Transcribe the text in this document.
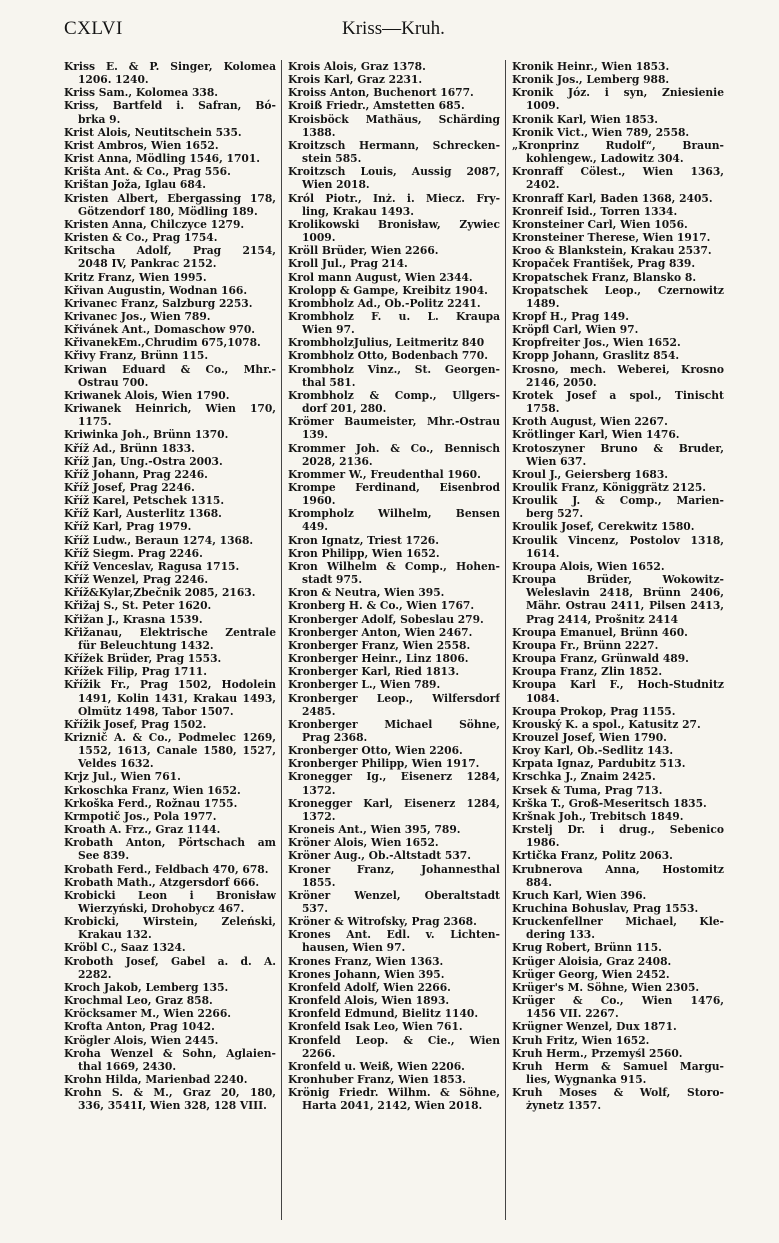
CXLVI	Kriss—Kruh.
Kriss E. & P. Singer, Kolomea
1206. 1240.
Kriss Sam., Kolomea 338.
Kriss, Bartfeld i. Safran, Bó-
brka 9.
Krist Alois, Neutitschein 535.
Krist Ambros, Wien 1652.
Krist Anna, Mödling 1546, 1701.
Krišta Ant. & Co., Prag 556.
Krištan Joža, Iglau 684.
Kristen Albert, Ebergassing 178,
Götzendorf 180, Mödling 189.
Kristen Anna, Chilczyce 1279.
Kristen & Co., Prag 1754.
Kritscha Adolf, Prag 2154,
2048 IV, Pankrac 2152.
Kritz Franz, Wien 1995.
Křivan Augustin, Wodnan 166.
Krivanec Franz, Salzburg 2253.
Krivanec Jos., Wien 789.
Křivánek Ant., Domaschow 970.
KřivanekEm.,Chrudim 675,1078.
Křivy Franz, Brünn 115.
Kriwan Eduard & Co., Mhr.-
Ostrau 700.
Kriwanek Alois, Wien 1790.
Kriwanek Heinrich, Wien 170,
1175.
Kriwinka Joh., Brünn 1370.
Kříž Ad., Brünn 1833.
Kříž Jan, Ung.-Ostra 2003.
Kříž Johann, Prag 2246.
Kříž Josef, Prag 2246.
Kříž Karel, Petschek 1315.
Kříž Karl, Austerlitz 1368.
Kříž Karl, Prag 1979.
Kříž Ludw., Beraun 1274, 1368.
Kříž Siegm. Prag 2246.
Kříž Venceslav, Ragusa 1715.
Kříž Wenzel, Prag 2246.
Kříž&Kylar,Zbečnik 2085, 2163.
Křižaj S., St. Peter 1620.
Křižan J., Krasna 1539.
Křižanau, Elektrische Zentrale
für Beleuchtung 1432.
Křížek Brüder, Prag 1553.
Křížek Filip, Prag 1711.
Křížik Fr., Prag 1502, Hodolein
1491, Kolin 1431, Krakau 1493,
Olmütz 1498, Tabor 1507.
Křížik Josef, Prag 1502.
Kriznič A. & Co., Podmelec 1269,
1552, 1613, Canale 1580, 1527,
Veldes 1632.
Krjz Jul., Wien 761.
Krkoschka Franz, Wien 1652.
Krkoška Ferd., Rožnau 1755.
Krmpotič Jos., Pola 1977.
Kroath A. Frz., Graz 1144.
Krobath Anton, Pörtschach am
See 839.
Krobath Ferd., Feldbach 470, 678.
Krobath Math., Atzgersdorf 666.
Krobicki Leon i Bronisław
Wierzyński, Drohobycz 467.
Krobicki, Wirstein, Zeleński,
Krakau 132.
Kröbl C., Saaz 1324.
Kroboth Josef, Gabel a. d. A.
2282.
Kroch Jakob, Lemberg 135.
Krochmal Leo, Graz 858.
Kröcksamer M., Wien 2266.
Krofta Anton, Prag 1042.
Krögler Alois, Wien 2445.
Kroha Wenzel & Sohn, Aglaien-
thal 1669, 2430.
Krohn Hilda, Marienbad 2240.
Krohn S. & M., Graz 20, 180,
336, 3541I, Wien 328, 128 VIII.
Krois Alois, Graz 1378.
Krois Karl, Graz 2231.
Kroiss Anton, Buchenort 1677.
Kroiß Friedr., Amstetten 685.
Kroisböck Mathäus, Schärding
1388.
Kroitzsch Hermann, Schrecken-
stein 585.
Kroitzsch Louis, Aussig 2087,
Wien 2018.
Król Piotr., Inż. i. Miecz. Fry-
ling, Krakau 1493.
Krolikowski Bronisław, Zywiec
1009.
Kröll Brüder, Wien 2266.
Kroll Jul., Prag 214.
Krol mann August, Wien 2344.
Krolopp & Gampe, Kreibitz 1904.
Krombholz Ad., Ob.-Politz 2241.
Krombholz F. u. L. Kraupa
Wien 97.
KrombholzJulius, Leitmeritz 840
Krombholz Otto, Bodenbach 770.
Krombholz Vinz., St. Georgen-
thal 581.
Krombholz & Comp., Ullgers-
dorf 201, 280.
Krömer Baumeister, Mhr.-Ostrau
139.
Krommer Joh. & Co., Bennisch
2028, 2136.
Krommer W., Freudenthal 1960.
Krompe Ferdinand, Eisenbrod
1960.
Krompholz Wilhelm, Bensen
449.
Kron Ignatz, Triest 1726.
Kron Philipp, Wien 1652.
Kron Wilhelm & Comp., Hohen-
stadt 975.
Kron & Neutra, Wien 395.
Kronberg H. & Co., Wien 1767.
Kronberger Adolf, Sobeslau 279.
Kronberger Anton, Wien 2467.
Kronberger Franz, Wien 2558.
Kronberger Heinr., Linz 1806.
Kronberger Karl, Ried 1813.
Kronberger L., Wien 789.
Kronberger Leop., Wilfersdorf
2485.
Kronberger Michael Söhne,
Prag 2368.
Kronberger Otto, Wien 2206.
Kronberger Philipp, Wien 1917.
Kronegger Ig., Eisenerz 1284,
1372.
Kronegger Karl, Eisenerz 1284,
1372.
Kroneis Ant., Wien 395, 789.
Kröner Alois, Wien 1652.
Kröner Aug., Ob.-Altstadt 537.
Kroner Franz, Johannesthal
1855.
Kröner Wenzel, Oberaltstadt
537.
Kröner & Witrofsky, Prag 2368.
Krones Ant. Edl. v. Lichten-
hausen, Wien 97.
Krones Franz, Wien 1363.
Krones Johann, Wien 395.
Kronfeld Adolf, Wien 2266.
Kronfeld Alois, Wien 1893.
Kronfeld Edmund, Bielitz 1140.
Kronfeld Isak Leo, Wien 761.
Kronfeld Leop. & Cie., Wien
2266.
Kronfeld u. Weiß, Wien 2206.
Kronhuber Franz, Wien 1853.
Krönig Friedr. Wilhm. & Söhne,
Harta 2041, 2142, Wien 2018.
Kronik Heinr., Wien 1853.
Kronik Jos., Lemberg 988.
Kronik Józ. i syn, Zniesienie
1009.
Kronik Karl, Wien 1853.
Kronik Vict., Wien 789, 2558.
„Kronprinz Rudolf“, Braun-
kohlengew., Ladowitz 304.
Kronraff Cölest., Wien 1363,
2402.
Kronraff Karl, Baden 1368, 2405.
Kronreif Isid., Torren 1334.
Kronsteiner Carl, Wien 1056.
Kronsteiner Therese, Wien 1917.
Kroo & Blankstein, Krakau 2537.
Kropaček František, Prag 839.
Kropatschek Franz, Blansko 8.
Kropatschek Leop., Czernowitz
1489.
Kropf H., Prag 149.
Kröpfl Carl, Wien 97.
Kropfreiter Jos., Wien 1652.
Kropp Johann, Graslitz 854.
Krosno, mech. Weberei, Krosno
2146, 2050.
Krotek Josef a spol., Tinischt
1758.
Kroth August, Wien 2267.
Krötlinger Karl, Wien 1476.
Krotoszyner Bruno & Bruder,
Wien 637.
Kroul J., Geiersberg 1683.
Kroulik Franz, Königgrätz 2125.
Kroulik J. & Comp., Marien-
berg 527.
Kroulik Josef, Cerekwitz 1580.
Kroulik Vincenz, Postolov 1318,
1614.
Kroupa Alois, Wien 1652.
Kroupa Brüder, Wokowitz-
Weleslavin 2418, Brünn 2406,
Mähr. Ostrau 2411, Pilsen 2413,
Prag 2414, Prošnitz 2414
Kroupa Emanuel, Brünn 460.
Kroupa Fr., Brünn 2227.
Kroupa Franz, Grünwald 489.
Kroupa Franz, Zlin 1852.
Kroupa Karl F., Hoch-Studnitz
1084.
Kroupa Prokop, Prag 1155.
Krouský K. a spol., Katusitz 27.
Krouzel Josef, Wien 1790.
Kroy Karl, Ob.-Sedlitz 143.
Krpata Ignaz, Pardubitz 513.
Krschka J., Znaim 2425.
Krsek & Tuma, Prag 713.
Krška T., Groß-Meseritsch 1835.
Kršnak Joh., Trebitsch 1849.
Krstelj Dr. i drug., Sebenico
1986.
Krtička Franz, Politz 2063.
Krubnerova Anna, Hostomitz
884.
Kruch Karl, Wien 396.
Kruchina Bohuslav, Prag 1553.
Kruckenfellner Michael, Kle-
dering 133.
Krug Robert, Brünn 115.
Krüger Aloisia, Graz 2408.
Krüger Georg, Wien 2452.
Krüger's M. Söhne, Wien 2305.
Krüger & Co., Wien 1476,
1456 VII. 2267.
Krügner Wenzel, Dux 1871.
Kruh Fritz, Wien 1652.
Kruh Herm., Przemyśl 2560.
Kruh Herm & Samuel Margu-
lies, Wygnanka 915.
Kruh Moses & Wolf, Storo-
żynetz 1357.
